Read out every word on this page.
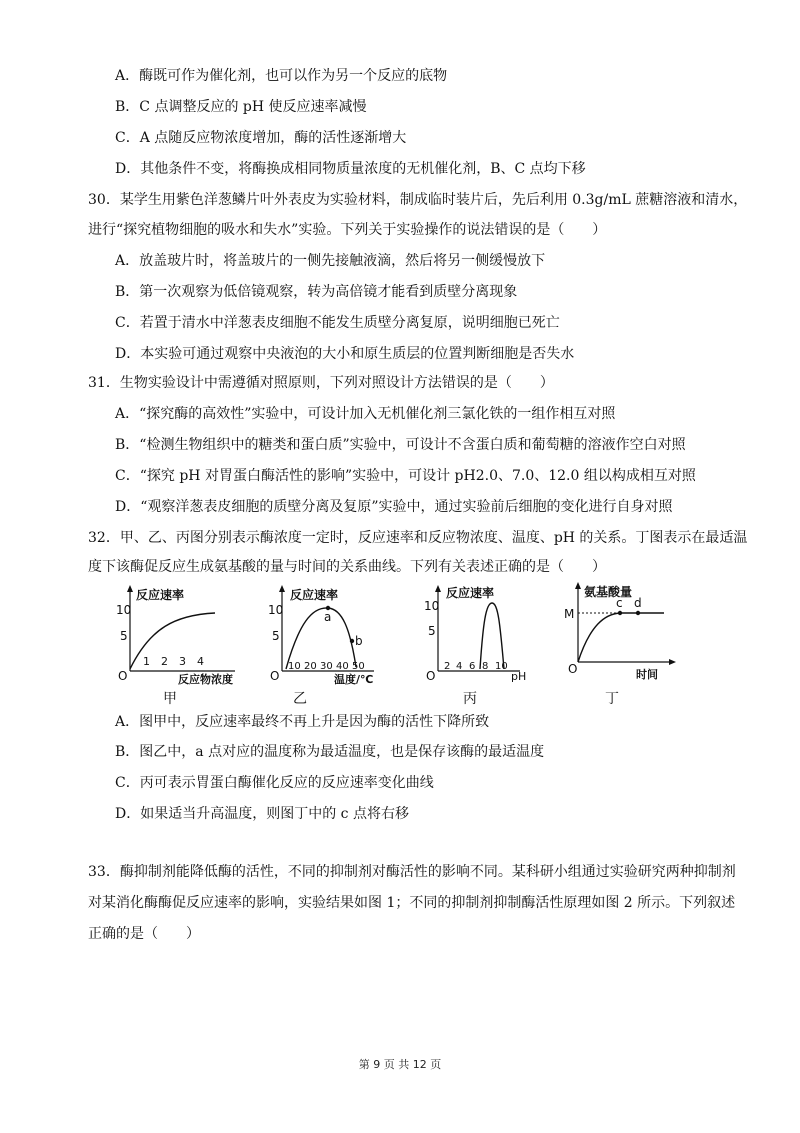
A．酶既可作为催化剂，也可以作为另一个反应的底物
B．C 点调整反应的 pH 使反应速率减慢
C．A 点随反应物浓度增加，酶的活性逐渐增大
D．其他条件不变，将酶换成相同物质量浓度的无机催化剂，B、C 点均下移
30．某学生用紫色洋葱鳞片叶外表皮为实验材料，制成临时装片后，先后利用 0.3g/mL 蔗糖溶液和清水，
进行“探究植物细胞的吸水和失水”实验。下列关于实验操作的说法错误的是（　　）
A．放盖玻片时，将盖玻片的一侧先接触液滴，然后将另一侧缓慢放下
B．第一次观察为低倍镜观察，转为高倍镜才能看到质壁分离现象
C．若置于清水中洋葱表皮细胞不能发生质壁分离复原，说明细胞已死亡
D．本实验可通过观察中央液泡的大小和原生质层的位置判断细胞是否失水
31．生物实验设计中需遵循对照原则，下列对照设计方法错误的是（　　）
A．“探究酶的高效性”实验中，可设计加入无机催化剂三氯化铁的一组作相互对照
B．“检测生物组织中的糖类和蛋白质”实验中，可设计不含蛋白质和葡萄糖的溶液作空白对照
C．“探究 pH 对胃蛋白酶活性的影响”实验中，可设计 pH2.0、7.0、12.0 组以构成相互对照
D．“观察洋葱表皮细胞的质壁分离及复原”实验中，通过实验前后细胞的变化进行自身对照
32．甲、乙、丙图分别表示酶浓度一定时，反应速率和反应物浓度、温度、pH 的关系。丁图表示在最适温
度下该酶促反应生成氨基酸的量与时间的关系曲线。下列有关表述正确的是（　　）
反应速率
10
5
O
1 2 3 4
反应物浓度
甲
a
b
反应速率
10
5
O
10 20 30 40 50
温度/℃
乙
反应速率
10
5
O
2 4 6 8 10
pH
丙
c d
氨基酸量
M
O	时间
丁
A．图甲中，反应速率最终不再上升是因为酶的活性下降所致
B．图乙中，a 点对应的温度称为最适温度，也是保存该酶的最适温度
C．丙可表示胃蛋白酶催化反应的反应速率变化曲线
D．如果适当升高温度，则图丁中的 c 点将右移
33．酶抑制剂能降低酶的活性，不同的抑制剂对酶活性的影响不同。某科研小组通过实验研究两种抑制剂
对某消化酶酶促反应速率的影响，实验结果如图 1；不同的抑制剂抑制酶活性原理如图 2 所示。下列叙述
正确的是（　　）
第 9 页 共 12 页
